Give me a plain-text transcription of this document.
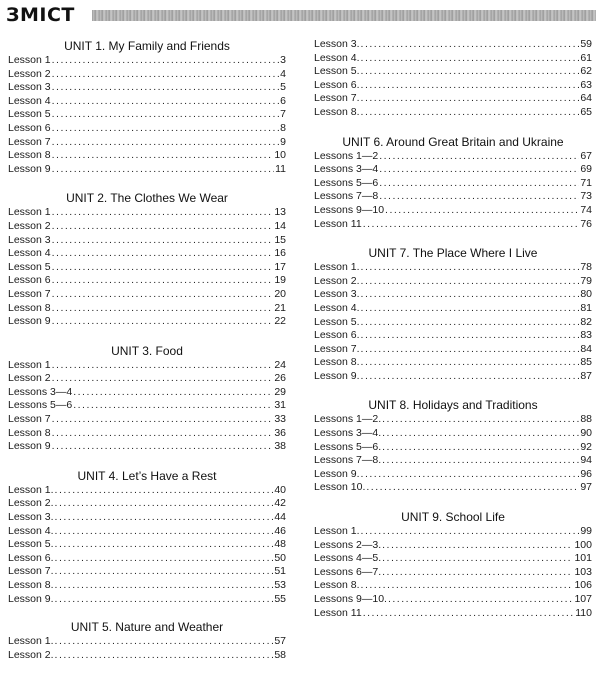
ЗМІСТ
UNIT 1. My Family and Friends
Lesson 1 .....	3
Lesson 2 .....	4
Lesson 3 .....	5
Lesson 4 .....	6
Lesson 5 .....	7
Lesson 6 .....	8
Lesson 7 .....	9
Lesson 8 .....	10
Lesson 9 .....	11
UNIT 2. The Clothes We Wear
Lesson 1 .....	13
Lesson 2 .....	14
Lesson 3 .....	15
Lesson 4 .....	16
Lesson 5 .....	17
Lesson 6 .....	19
Lesson 7 .....	20
Lesson 8 .....	21
Lesson 9 .....	22
UNIT 3. Food
Lesson 1 .....	24
Lesson 2 .....	26
Lessons 3—4 .....	29
Lessons 5—6 .....	31
Lesson 7 .....	33
Lesson 8 .....	36
Lesson 9 .....	38
UNIT 4. Let’s Have a Rest
Lesson 1. .....	40
Lesson 2. .....	42
Lesson 3. .....	44
Lesson 4. .....	46
Lesson 5. .....	48
Lesson 6. .....	50
Lesson 7. .....	51
Lesson 8. .....	53
Lesson 9. .....	55
UNIT 5. Nature and Weather
Lesson 1. .....	57
Lesson 2. .....	58
Lesson 3. .....	59
Lesson 4. .....	61
Lesson 5. .....	62
Lesson 6. .....	63
Lesson 7. .....	64
Lesson 8. .....	65
UNIT 6. Around Great Britain and Ukraine
Lessons 1—2 .....	67
Lessons 3—4 .....	69
Lessons 5—6 .....	71
Lessons 7—8 .....	73
Lessons 9—10 .....	74
Lesson 11 .....	76
UNIT 7. The Place Where I Live
Lesson 1. .....	78
Lesson 2. .....	79
Lesson 3. .....	80
Lesson 4. .....	81
Lesson 5. .....	82
Lesson 6. .....	83
Lesson 7. .....	84
Lesson 8. .....	85
Lesson 9. .....	87
UNIT 8. Holidays and Traditions
Lessons 1—2. .....	88
Lessons 3—4. .....	90
Lessons 5—6. .....	92
Lessons 7—8. .....	94
Lesson 9. .....	96
Lesson 10. .....	97
UNIT 9. School Life
Lesson 1. .....	99
Lessons 2—3. .....	100
Lessons 4—5. .....	101
Lessons 6—7. .....	103
Lesson 8. .....	106
Lessons 9—10. .....	107
Lesson 11 .....	110
